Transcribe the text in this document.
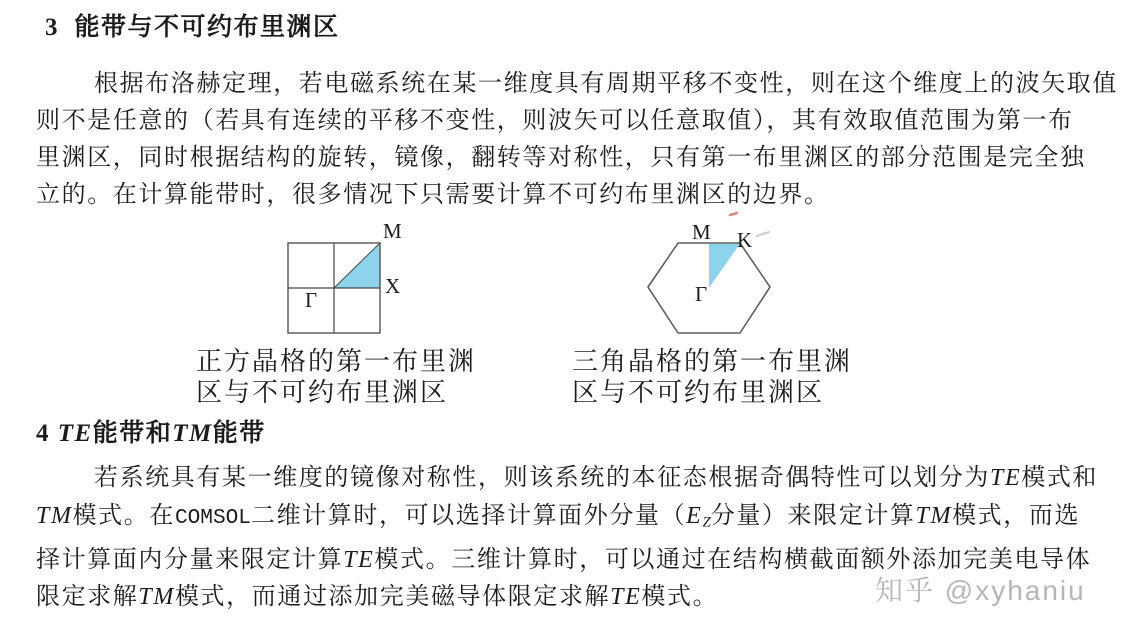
3  能带与不可约布里渊区
根据布洛赫定理，若电磁系统在某一维度具有周期平移不变性，则在这个维度上的波矢取值
则不是任意的（若具有连续的平移不变性，则波矢可以任意取值），其有效取值范围为第一布
里渊区，同时根据结构的旋转，镜像，翻转等对称性，只有第一布里渊区的部分范围是完全独
立的。在计算能带时，很多情况下只需要计算不可约布里渊区的边界。
M
X
Γ
M K
Γ
正方晶格的第一布里渊
区与不可约布里渊区
三角晶格的第一布里渊
区与不可约布里渊区
4 TE能带和TM能带
若系统具有某一维度的镜像对称性，则该系统的本征态根据奇偶特性可以划分为TE模式和
TM模式。在COMSOL二维计算时，可以选择计算面外分量（$E_Z$分量）来限定计算TM模式，而选
择计算面内分量来限定计算TE模式。三维计算时，可以通过在结构横截面额外添加完美电导体
限定求解TM模式，而通过添加完美磁导体限定求解TE模式。	知乎 @xyhaniu
